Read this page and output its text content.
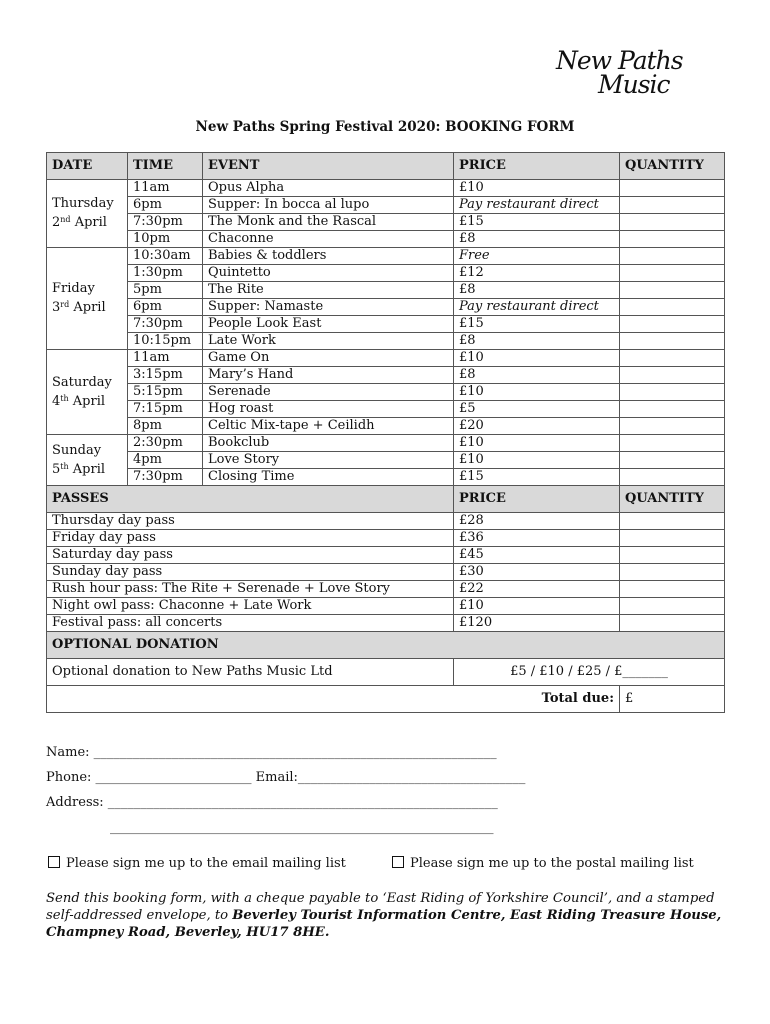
New Paths
Music
New Paths Spring Festival 2020: BOOKING FORM
DATE	TIME	EVENT	PRICE	QUANTITY
Thursday
2nd April	11am	Opus Alpha	£10	
	6pm	Supper: In bocca al lupo	Pay restaurant direct	
	7:30pm	The Monk and the Rascal	£15	
	10pm	Chaconne	£8	
Friday
3rd April	10:30am	Babies & toddlers	Free	
	1:30pm	Quintetto	£12	
	5pm	The Rite	£8	
	6pm	Supper: Namaste	Pay restaurant direct	
	7:30pm	People Look East	£15	
	10:15pm	Late Work	£8	
Saturday
4th April	11am	Game On	£10	
	3:15pm	Mary’s Hand	£8	
	5:15pm	Serenade	£10	
	7:15pm	Hog roast	£5	
	8pm	Celtic Mix-tape + Ceilidh	£20	
Sunday
5th April	2:30pm	Bookclub	£10	
	4pm	Love Story	£10	
	7:30pm	Closing Time	£15	
PASSES			PRICE	QUANTITY
Thursday day pass			£28	
Friday day pass			£36	
Saturday day pass			£45	
Sunday day pass			£30	
Rush hour pass: The Rite + Serenade + Love Story			£22	
Night owl pass: Chaconne + Late Work			£10	
Festival pass: all concerts			£120	
OPTIONAL DONATION				
Optional donation to New Paths Music Ltd			£5 / £10 / £25 / £_______	
Total due:				£
Name: ______________________________________________________________
Phone: ________________________ Email:___________________________________
Address: ____________________________________________________________
___________________________________________________________
Please sign me up to the email mailing list	Please sign me up to the postal mailing list
Send this booking form, with a cheque payable to ‘East Riding of Yorkshire Council’, and a stamped self-addressed envelope, to Beverley Tourist Information Centre, East Riding Treasure House, Champney Road, Beverley, HU17 8HE.
